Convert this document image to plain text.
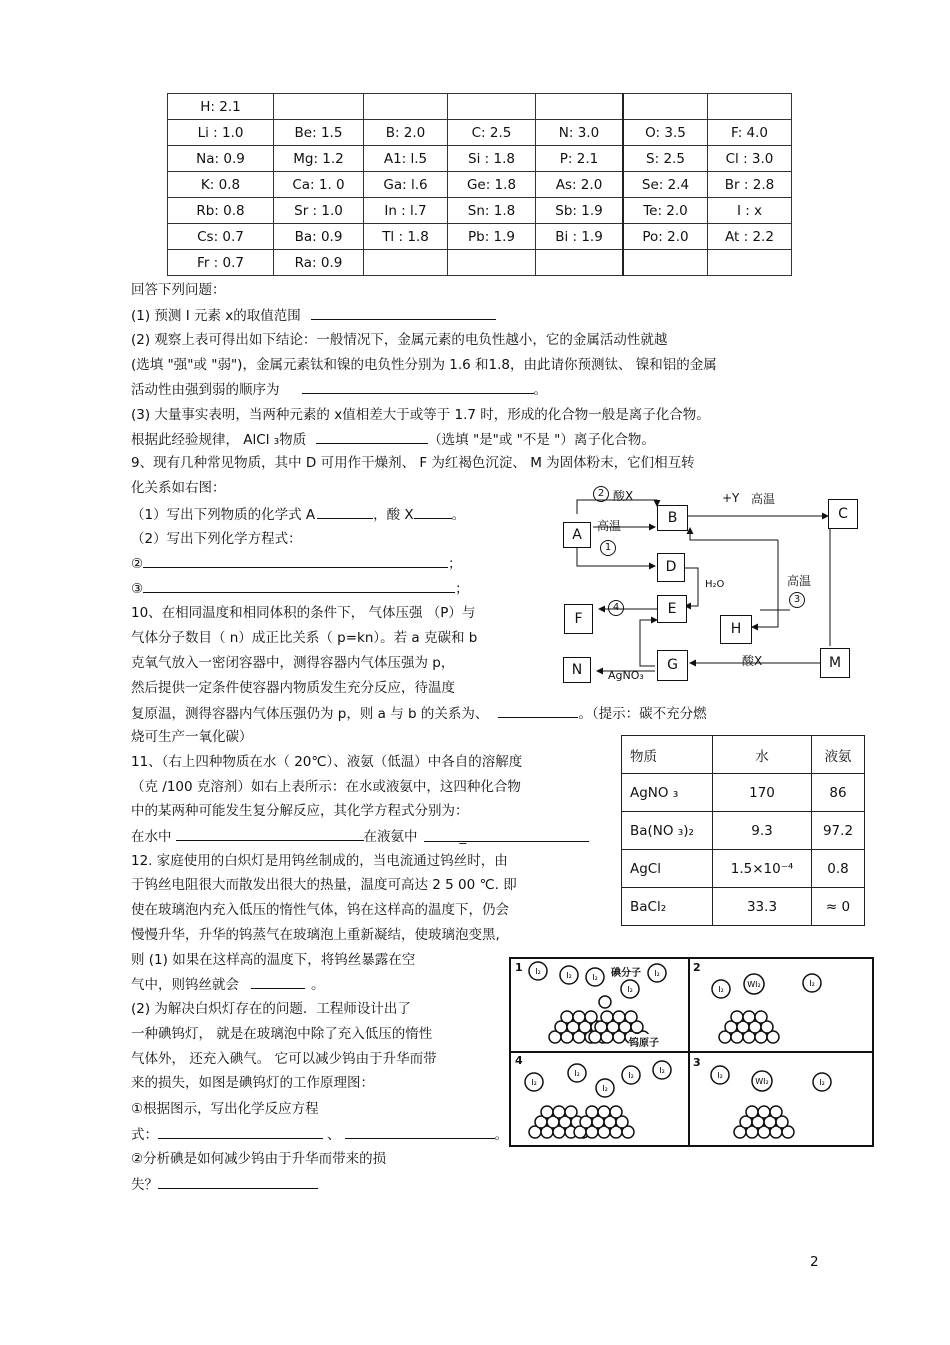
H: 2.1						
Li : 1.0	Be: 1.5	B: 2.0	C: 2.5	N: 3.0	O: 3.5	F: 4.0
Na: 0.9	Mg: 1.2	A1: l.5	Si : 1.8	P: 2.1	S: 2.5	Cl : 3.0
K: 0.8	Ca: 1. 0	Ga: l.6	Ge: 1.8	As: 2.0	Se: 2.4	Br : 2.8
Rb: 0.8	Sr : 1.0	In : l.7	Sn: 1.8	Sb: 1.9	Te: 2.0	I : x
Cs: 0.7	Ba: 0.9	Tl : 1.8	Pb: 1.9	Bi : 1.9	Po: 2.0	At : 2.2
Fr : 0.7	Ra: 0.9					
回答下列问题：
(1) 预测 I 元素 x的取值范围
(2) 观察上表可得出如下结论：一般情况下，金属元素的电负性越小，它的金属活动性就越
(选填 "强"或 "弱")，金属元素钛和镍的电负性分别为 1.6 和1.8，由此请你预测钛、 镍和铝的金属
活动性由强到弱的顺序为	。
(3) 大量事实表明，当两种元素的 x值相差大于或等于 1.7 时，形成的化合物一般是离子化合物。
根据此经验规律， AlCl ₃物质	（选填 "是"或 "不是 "）离子化合物。
9、现有几种常见物质，其中 D 可用作干燥剂、 F 为红褐色沉淀、 M 为固体粉末，它们相互转
化关系如右图：
（1）写出下列物质的化学式 A	，酸 X	。
（2）写出下列化学方程式：
②	；
③	；
10、在相同温度和相同体积的条件下， 气体压强 （P）与
气体分子数目（ n）成正比关系（ p=kn）。若 a 克碳和 b
克氧气放入一密闭容器中，测得容器内气体压强为 p，
然后提供一定条件使容器内物质发生充分反应，待温度
复原温，测得容器内气体压强仍为 p，则 a 与 b 的关系为、	。（提示：碳不充分燃
烧可生产一氧化碳）
11、（右上四种物质在水（ 20℃）、液氨（低温）中各自的溶解度
（克 /100 克溶剂）如右上表所示：在水或液氨中，这四种化合物
中的某两种可能发生复分解反应，其化学方程式分别为：
在水中	在液氨中	_
12. 家庭使用的白炽灯是用钨丝制成的，当电流通过钨丝时，由
于钨丝电阻很大而散发出很大的热量，温度可高达 2 5 00 ℃. 即
使在玻璃泡内充入低压的惰性气体，钨在这样高的温度下，仍会
慢慢升华，升华的钨蒸气在玻璃泡上重新凝结，使玻璃泡变黑,
则 (1) 如果在这样高的温度下，将钨丝暴露在空
气中，则钨丝就会	。
(2) 为解决白炽灯存在的问题．工程师设计出了
一种碘钨灯， 就是在玻璃泡中除了充入低压的惰性
气体外， 还充入碘气。 它可以减少钨由于升华而带
来的损失，如图是碘钨灯的工作原理图：
①根据图示，写出化学反应方程
式：	、	。
②分析碘是如何减少钨由于升华而带来的损
失？
物质	水	液氨
AgNO ₃	170	86
Ba(NO ₃)₂	9.3	97.2
AgCl	1.5×10⁻⁴	0.8
BaCl₂	33.3	≈ 0
A
B	C
D
E
F
H
G
N	M
2 酸X	+Y 高温
高温
1
H₂O	高温
3
4
酸X
AgNO₃
I₂	I₂	I₂	I₂
I₂	I₂
WI₂	I₂
I₂
I₂
I₂
I₂
I₂
I₂
WI₂	I₂
1	2
3
4
碘分子
钨原子
2
